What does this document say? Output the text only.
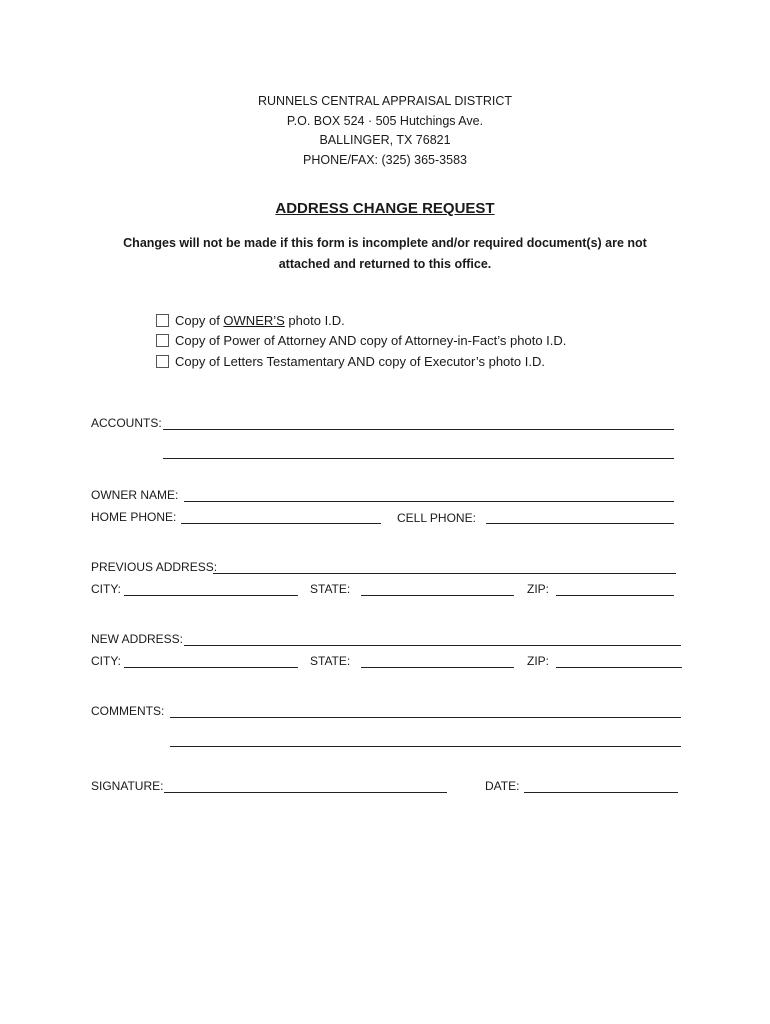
RUNNELS CENTRAL APPRAISAL DISTRICT
P.O. BOX 524 · 505 Hutchings Ave.
BALLINGER, TX 76821
PHONE/FAX: (325) 365-3583
ADDRESS CHANGE REQUEST
Changes will not be made if this form is incomplete and/or required document(s) are not attached and returned to this office.
Copy of OWNER’S photo I.D.
Copy of Power of Attorney AND copy of Attorney-in-Fact’s photo I.D.
Copy of Letters Testamentary AND copy of Executor’s photo I.D.
ACCOUNTS:
OWNER NAME:
HOME PHONE:	CELL PHONE:
PREVIOUS ADDRESS:
CITY:	STATE:	ZIP:
NEW ADDRESS:
CITY:	STATE:	ZIP:
COMMENTS:
SIGNATURE:	DATE:
